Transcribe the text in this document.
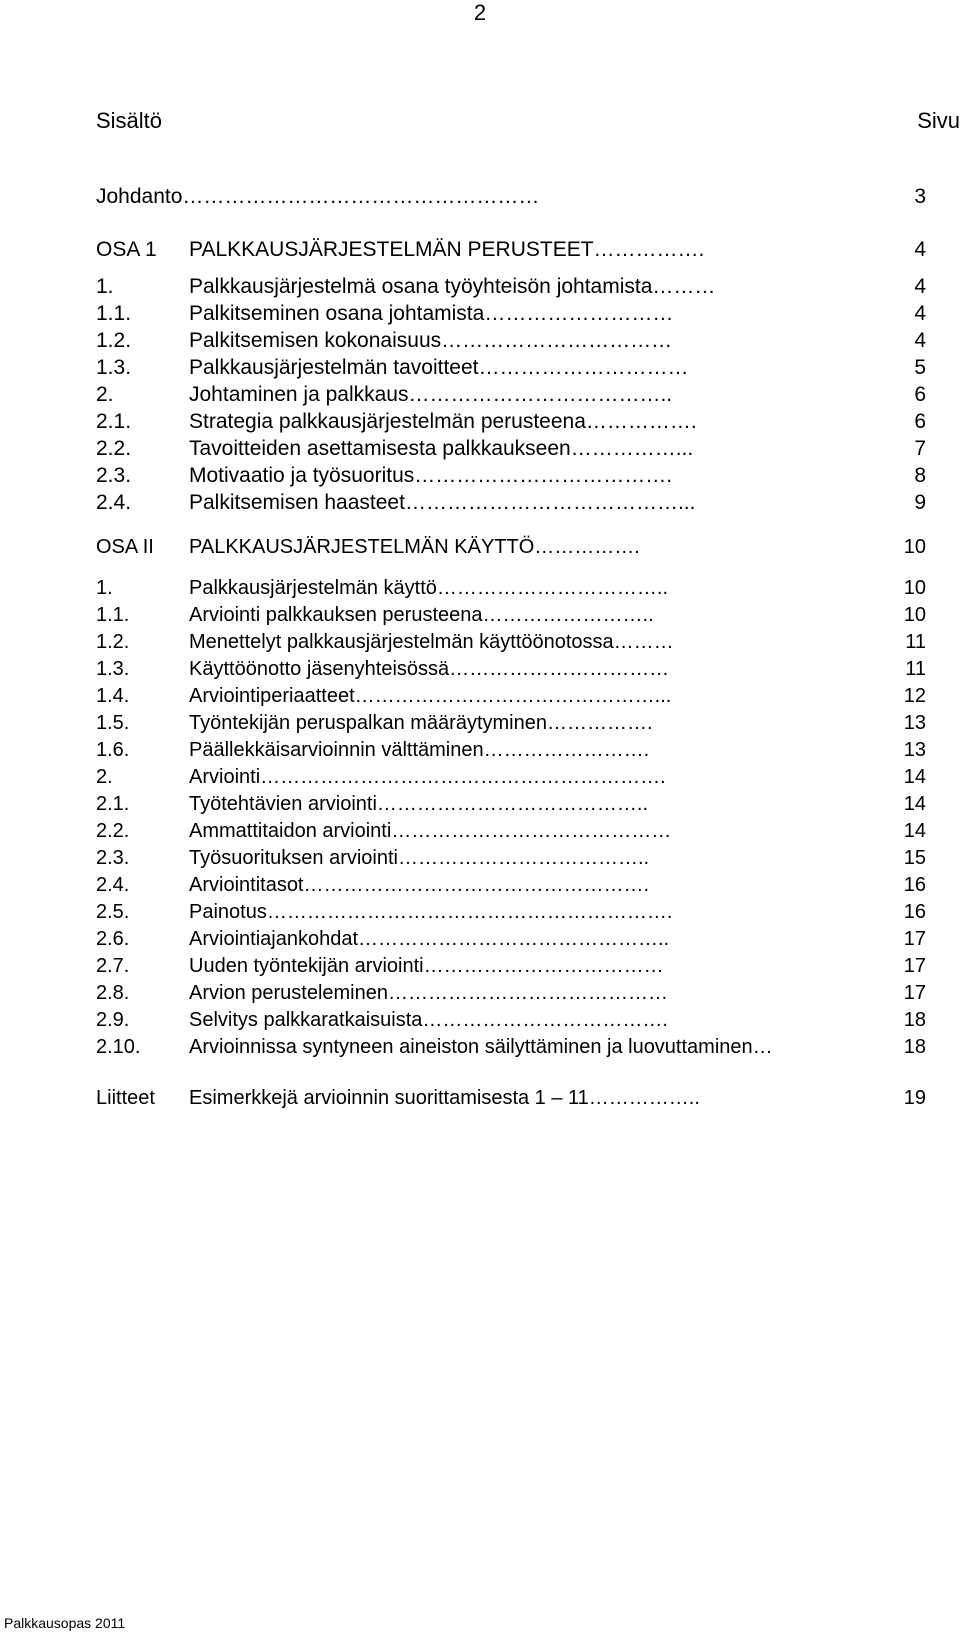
2
Sisältö	Sivu
Johdanto……………………………………………	3
OSA 1 PALKKAUSJÄRJESTELMÄN PERUSTEET…………….	4
1.	Palkkausjärjestelmä osana työyhteisön johtamista………	4
1.1.	Palkitseminen osana johtamista………………………	4
1.2.	Palkitsemisen kokonaisuus……………………………	4
1.3.	Palkkausjärjestelmän tavoitteet…………………………	5
2.	Johtaminen ja palkkaus………………………………..	6
2.1.	Strategia palkkausjärjestelmän perusteena…………….	6
2.2.	Tavoitteiden asettamisesta palkkaukseen……………...	7
2.3.	Motivaatio ja työsuoritus……………………………….	8
2.4.	Palkitsemisen haasteet…………………………………...	9
OSA II PALKKAUSJÄRJESTELMÄN KÄYTTÖ…………….	10
1.	Palkkausjärjestelmän käyttö……………………………..	10
1.1.	Arviointi palkkauksen perusteena……………………..	10
1.2.	Menettelyt palkkausjärjestelmän käyttöönotossa………	11
1.3.	Käyttöönotto jäsenyhteisössä……………………………	11
1.4.	Arviointiperiaatteet………………………………………...	12
1.5.	Työntekijän peruspalkan määräytyminen…………….	13
1.6.	Päällekkäisarvioinnin välttäminen…………………….	13
2.	Arviointi…………………………………………………….	14
2.1.	Työtehtävien arviointi…………………………………..	14
2.2.	Ammattitaidon arviointi……………………………………	14
2.3.	Työsuorituksen arviointi………………………………..	15
2.4.	Arviointitasot…………………………………………….	16
2.5.	Painotus…………………………………………………….	16
2.6.	Arviointiajankohdat………………………………………..	17
2.7.	Uuden työntekijän arviointi………………………………	17
2.8.	Arvion perusteleminen……………………………………	17
2.9.	Selvitys palkkaratkaisuista……………………………….	18
2.10. Arvioinnissa syntyneen aineiston säilyttäminen ja luovuttaminen…	18
Liitteet Esimerkkejä arvioinnin suorittamisesta 1 – 11……………..	19
Palkkausopas 2011
